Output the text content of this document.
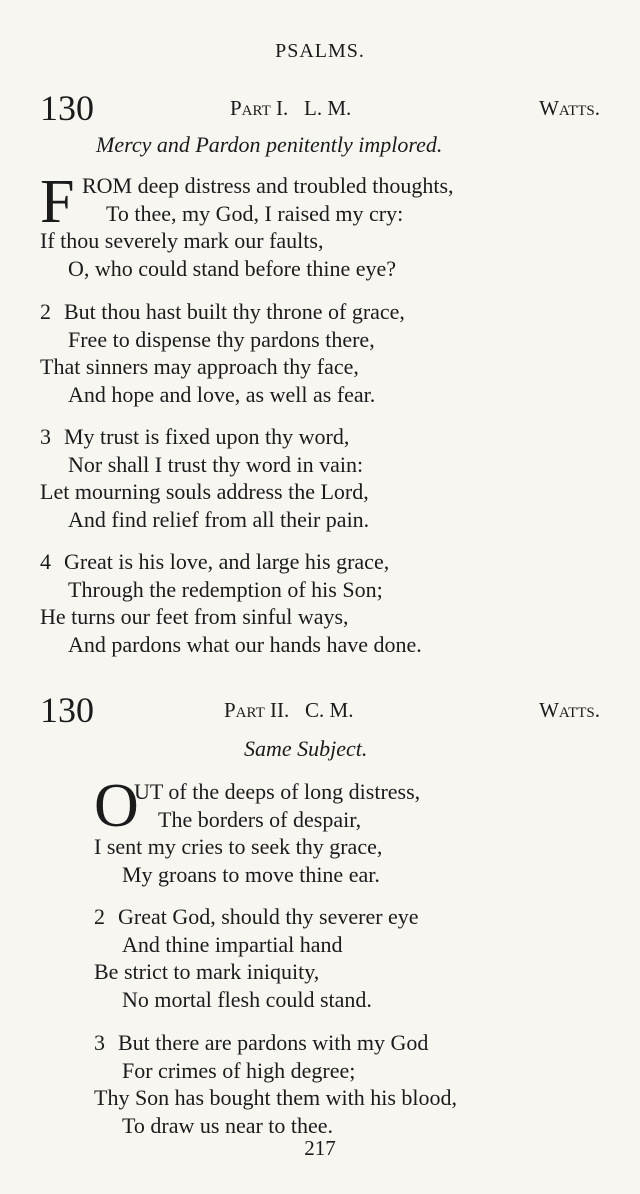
PSALMS.
130	Part I.   L. M.	Watts.
Mercy and Pardon penitently implored.
F ROM deep distress and troubled thoughts,
To thee, my God, I raised my cry:
If thou severely mark our faults,
O, who could stand before thine eye?
2 But thou hast built thy throne of grace,
Free to dispense thy pardons there,
That sinners may approach thy face,
And hope and love, as well as fear.
3 My trust is fixed upon thy word,
Nor shall I trust thy word in vain:
Let mourning souls address the Lord,
And find relief from all their pain.
4 Great is his love, and large his grace,
Through the redemption of his Son;
He turns our feet from sinful ways,
And pardons what our hands have done.
130	Part II.   C. M.	Watts.
Same Subject.
O
UT of the deeps of long distress,
The borders of despair,
I sent my cries to seek thy grace,
My groans to move thine ear.
2 Great God, should thy severer eye
And thine impartial hand
Be strict to mark iniquity,
No mortal flesh could stand.
3 But there are pardons with my God
For crimes of high degree;
Thy Son has bought them with his blood,
To draw us near to thee.
217
